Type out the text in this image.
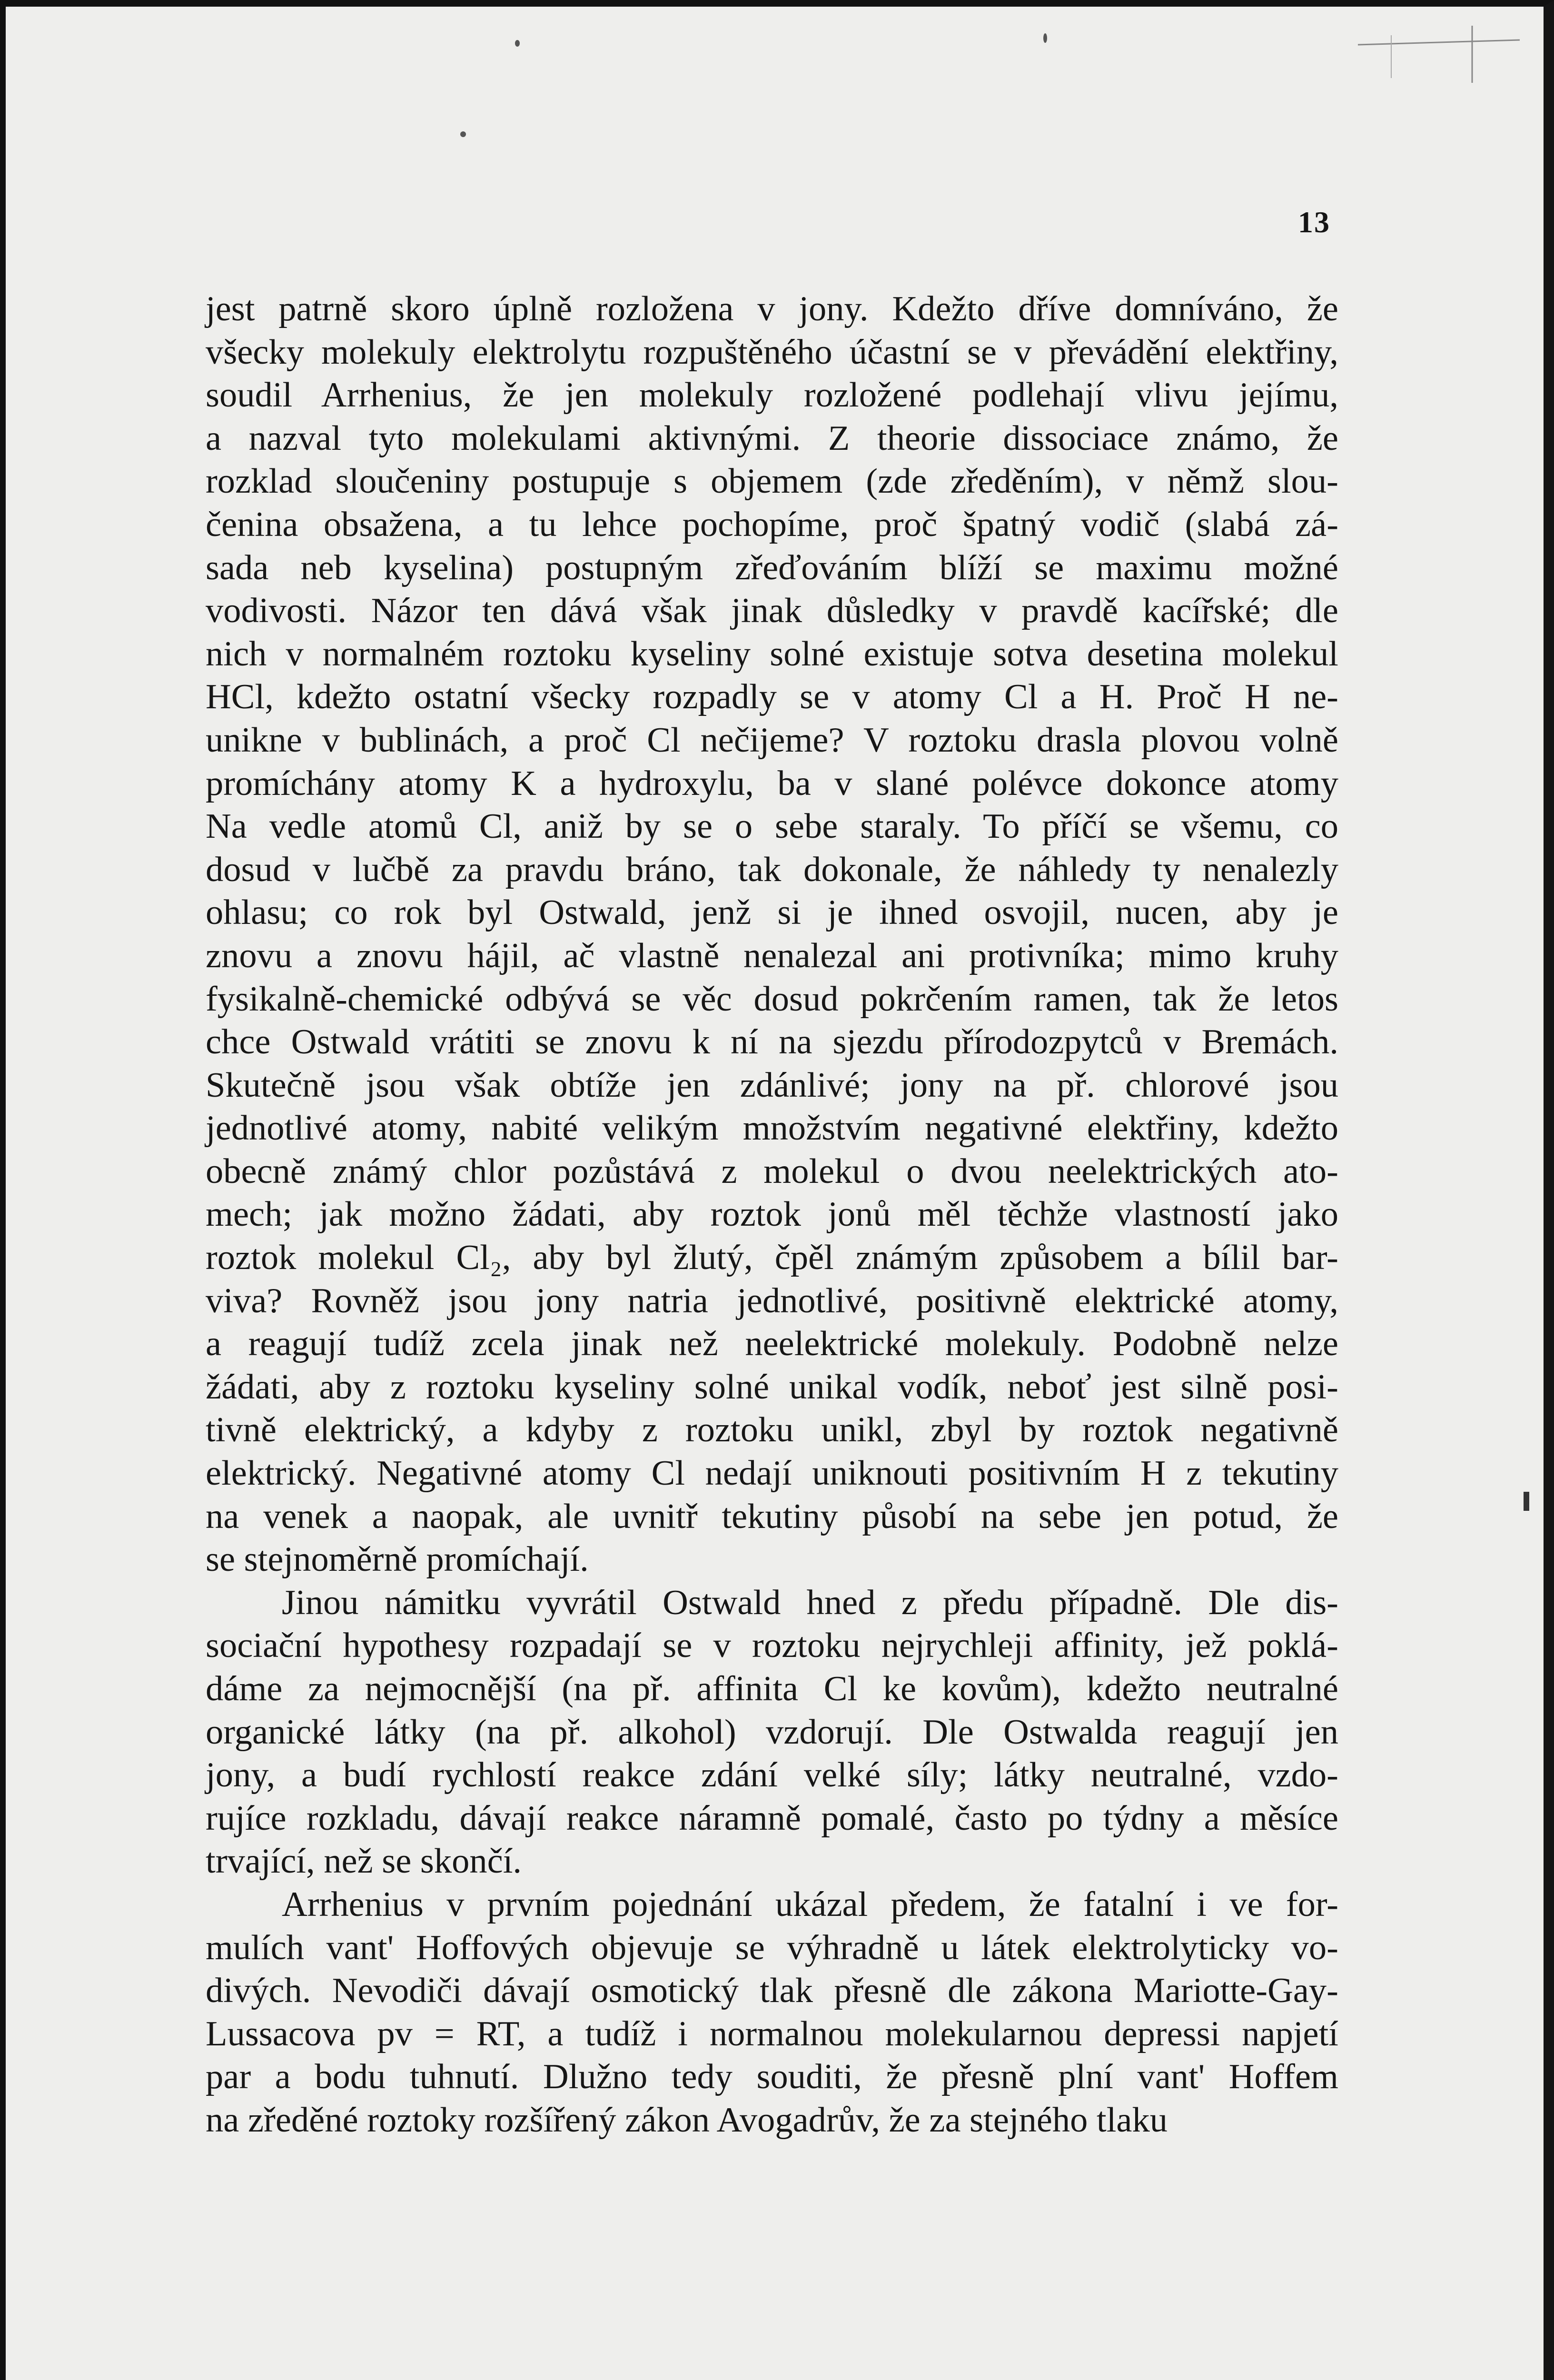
13
jest patrně skoro úplně rozložena v jony. Kdežto dříve domníváno, že
všecky molekuly elektrolytu rozpuštěného účastní se v převádění elektřiny,
soudil Arrhenius, že jen molekuly rozložené podlehají vlivu jejímu,
a nazval tyto molekulami aktivnými. Z theorie dissociace známo, že
rozklad sloučeniny postupuje s objemem (zde zředěním), v němž slou-
čenina obsažena, a tu lehce pochopíme, proč špatný vodič (slabá zá-
sada neb kyselina) postupným zřeďováním blíží se maximu možné
vodivosti. Názor ten dává však jinak důsledky v pravdě kacířské; dle
nich v normalném roztoku kyseliny solné existuje sotva desetina molekul
HCl, kdežto ostatní všecky rozpadly se v atomy Cl a H. Proč H ne-
unikne v bublinách, a proč Cl nečijeme? V roztoku drasla plovou volně
promíchány atomy K a hydroxylu, ba v slané polévce dokonce atomy
Na vedle atomů Cl, aniž by se o sebe staraly. To příčí se všemu, co
dosud v lučbě za pravdu bráno, tak dokonale, že náhledy ty nenalezly
ohlasu; co rok byl Ostwald, jenž si je ihned osvojil, nucen, aby je
znovu a znovu hájil, ač vlastně nenalezal ani protivníka; mimo kruhy
fysikalně-chemické odbývá se věc dosud pokrčením ramen, tak že letos
chce Ostwald vrátiti se znovu k ní na sjezdu přírodozpytců v Bremách.
Skutečně jsou však obtíže jen zdánlivé; jony na př. chlorové jsou
jednotlivé atomy, nabité velikým množstvím negativné elektřiny, kdežto
obecně známý chlor pozůstává z molekul o dvou neelektrických ato-
mech; jak možno žádati, aby roztok jonů měl těchže vlastností jako
roztok molekul Cl₂, aby byl žlutý, čpěl známým způsobem a bílil bar-
viva? Rovněž jsou jony natria jednotlivé, positivně elektrické atomy,
a reagují tudíž zcela jinak než neelektrické molekuly. Podobně nelze
žádati, aby z roztoku kyseliny solné unikal vodík, neboť jest silně posi-
tivně elektrický, a kdyby z roztoku unikl, zbyl by roztok negativně
elektrický. Negativné atomy Cl nedají uniknouti positivním H z tekutiny
na venek a naopak, ale uvnitř tekutiny působí na sebe jen potud, že
se stejnoměrně promíchají.
Jinou námitku vyvrátil Ostwald hned z předu případně. Dle dis-
sociační hypothesy rozpadají se v roztoku nejrychleji affinity, jež poklá-
dáme za nejmocnější (na př. affinita Cl ke kovům), kdežto neutralné
organické látky (na př. alkohol) vzdorují. Dle Ostwalda reagují jen
jony, a budí rychlostí reakce zdání velké síly; látky neutralné, vzdo-
rujíce rozkladu, dávají reakce náramně pomalé, často po týdny a měsíce
trvající, než se skončí.
Arrhenius v prvním pojednání ukázal předem, že fatalní i ve for-
mulích vant' Hoffových objevuje se výhradně u látek elektrolyticky vo-
divých. Nevodiči dávají osmotický tlak přesně dle zákona Mariotte-Gay-
Lussacova pv = RT, a tudíž i normalnou molekularnou depressi napjetí
par a bodu tuhnutí. Dlužno tedy souditi, že přesně plní vant' Hoffem
na zředěné roztoky rozšířený zákon Avogadrův, že za stejného tlaku
